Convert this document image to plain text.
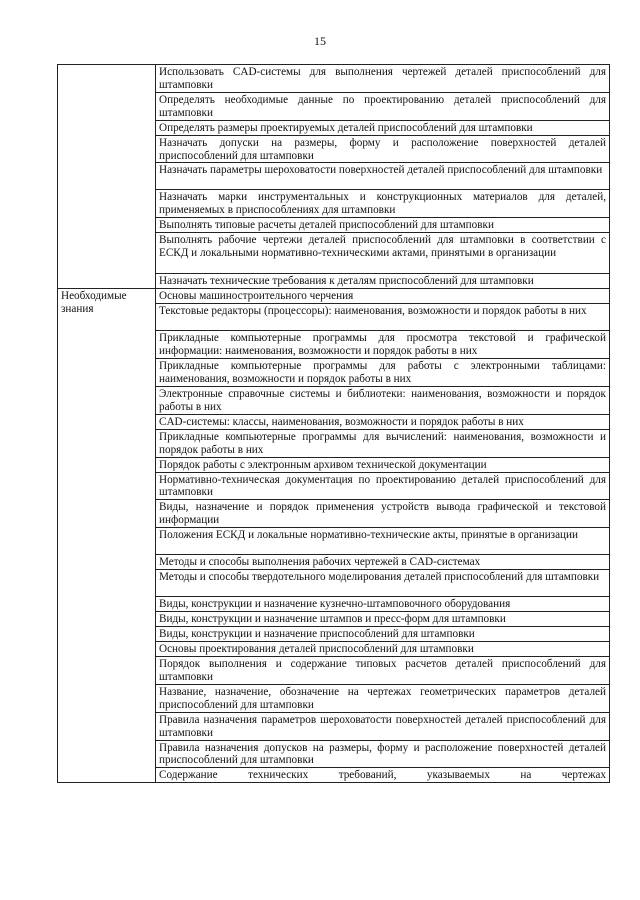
15
	Использовать CAD-системы для выполнения чертежей деталей приспособлений для штамповки
	Определять необходимые данные по проектированию деталей приспособлений для штамповки
	Определять размеры проектируемых деталей приспособлений для штамповки
	Назначать допуски на размеры, форму и расположение поверхностей деталей приспособлений для штамповки
	Назначать параметры шероховатости поверхностей деталей приспособлений для штамповки
	Назначать марки инструментальных и конструкционных материалов для деталей, применяемых в приспособлениях для штамповки
	Выполнять типовые расчеты деталей приспособлений для штамповки
	Выполнять рабочие чертежи деталей приспособлений для штамповки в соответствии с ЕСКД и локальными нормативно-техническими актами, принятыми в организации
	Назначать технические требования к деталям приспособлений для штамповки
Необходимые знания	Основы машиностроительного черчения
	Текстовые редакторы (процессоры): наименования, возможности и порядок работы в них
	Прикладные компьютерные программы для просмотра текстовой и графической информации: наименования, возможности и порядок работы в них
	Прикладные компьютерные программы для работы с электронными таблицами: наименования, возможности и порядок работы в них
	Электронные справочные системы и библиотеки: наименования, возможности и порядок работы в них
	CAD-системы: классы, наименования, возможности и порядок работы в них
	Прикладные компьютерные программы для вычислений: наименования, возможности и порядок работы в них
	Порядок работы с электронным архивом технической документации
	Нормативно-техническая документация по проектированию деталей приспособлений для штамповки
	Виды, назначение и порядок применения устройств вывода графической и текстовой информации
	Положения ЕСКД и локальные нормативно-технические акты, принятые в организации
	Методы и способы выполнения рабочих чертежей в CAD-системах
	Методы и способы твердотельного моделирования деталей приспособлений для штамповки
	Виды, конструкции и назначение кузнечно-штамповочного оборудования
	Виды, конструкции и назначение штампов и пресс-форм для штамповки
	Виды, конструкции и назначение приспособлений для штамповки
	Основы проектирования деталей приспособлений для штамповки
	Порядок выполнения и содержание типовых расчетов деталей приспособлений для штамповки
	Название, назначение, обозначение на чертежах геометрических параметров деталей приспособлений для штамповки
	Правила назначения параметров шероховатости поверхностей деталей приспособлений для штамповки
	Правила назначения допусков на размеры, форму и расположение поверхностей деталей приспособлений для штамповки
	Содержание технических требований, указываемых на чертежах
